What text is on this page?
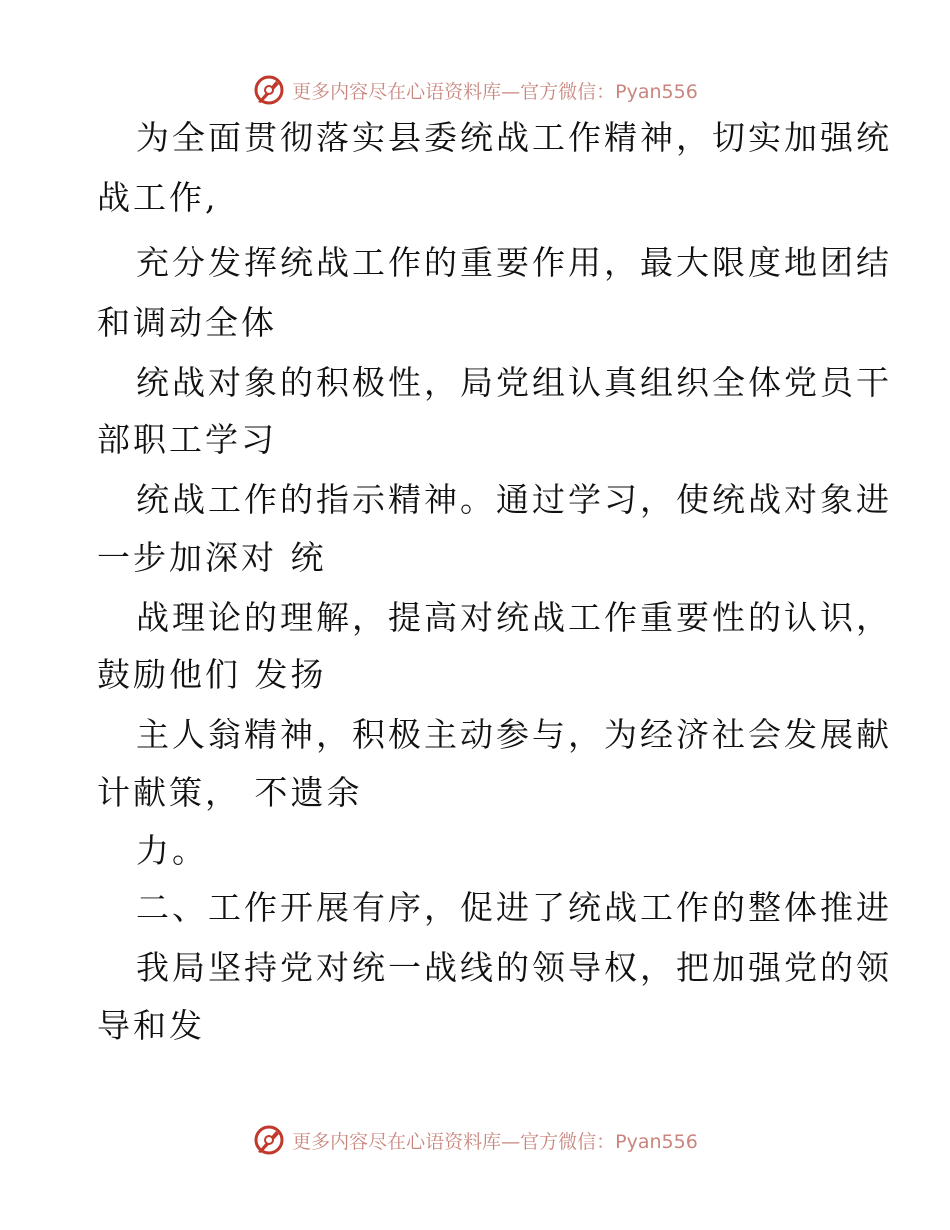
更多内容尽在心语资料库—官方微信：Pyan556
为全面贯彻落实县委统战工作精神，切实加强统
战工作,
充分发挥统战工作的重要作用，最大限度地团结
和调动全体
统战对象的积极性，局党组认真组织全体党员干
部职工学习
统战工作的指示精神。通过学习，使统战对象进
一步加深对 统
战理论的理解，提高对统战工作重要性的认识，
鼓励他们 发扬
主人翁精神，积极主动参与，为经济社会发展献
计献策， 不遗余
力。
二、工作开展有序，促进了统战工作的整体推进
我局坚持党对统一战线的领导权，把加强党的领
导和发
更多内容尽在心语资料库—官方微信：Pyan556
